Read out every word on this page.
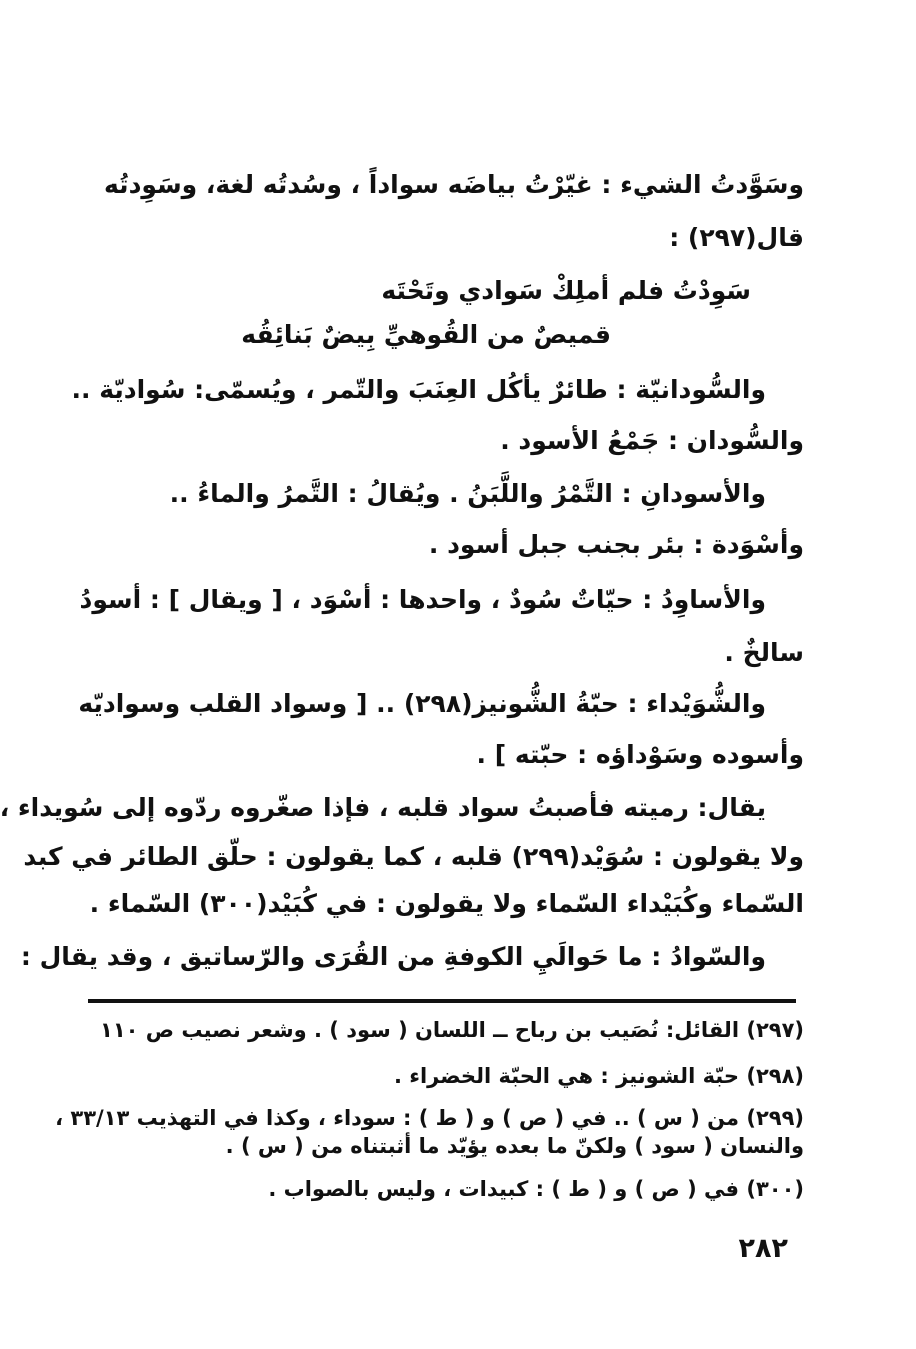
وسَوَّدتُ الشيء : غيّرْتُ بياضَه سواداً ، وسُدتُه لغة، وسَوِدتُه
قال(٢٩٧) :
سَوِدْتُ فلم أملِكْ سَوادي وتَحْتَه
قميصٌ من القُوهيِّ بِيضٌ بَنائِقُه
والسُّودانيّة : طائرٌ يأكُل العِنَبَ والتّمر ، ويُسمّى: سُواديّة ..
والسُّودان : جَمْعُ الأسود .
والأسودانِ : التَّمْرُ واللَّبَنُ . ويُقالُ : التَّمرُ والماءُ ..
وأسْوَدة : بئر بجنب جبل أسود .
والأساوِدُ : حيّاتٌ سُودٌ ، واحدها : أسْوَد ، [ ويقال ] : أسودُ
سالخٌ .
والشُّوَيْداء : حبّةُ الشُّونيز(٢٩٨) .. [ وسواد القلب وسواديّه
وأسوده وسَوْداؤه : حبّته ] .
يقال: رميته فأصبتُ سواد قلبه ، فإذا صغّروه ردّوه إلى سُويداء ،
ولا يقولون : سُوَيْد(٢٩٩) قلبه ، كما يقولون : حلّق الطائر في كبد
السّماء وكُبَيْداء السّماء ولا يقولون : في كُبَيْد(٣٠٠) السّماء .
والسّوادُ : ما حَوالَيِ الكوفةِ من القُرَى والرّساتيق ، وقد يقال :
(٢٩٧) القائل: نُصَيب بن رباح ــ اللسان ( سود ) . وشعر نصيب ص ١١٠
(٢٩٨) حبّة الشونيز : هي الحبّة الخضراء .
(٢٩٩) من ( س ) .. في ( ص ) و ( ط ) : سوداء ، وكذا في التهذيب ٣٣/١٣ ،
والنسان ( سود ) ولكنّ ما بعده يؤيّد ما أثبتناه من ( س ) .
(٣٠٠) في ( ص ) و ( ط ) : كبيدات ، وليس بالصواب .
٢٨٢
